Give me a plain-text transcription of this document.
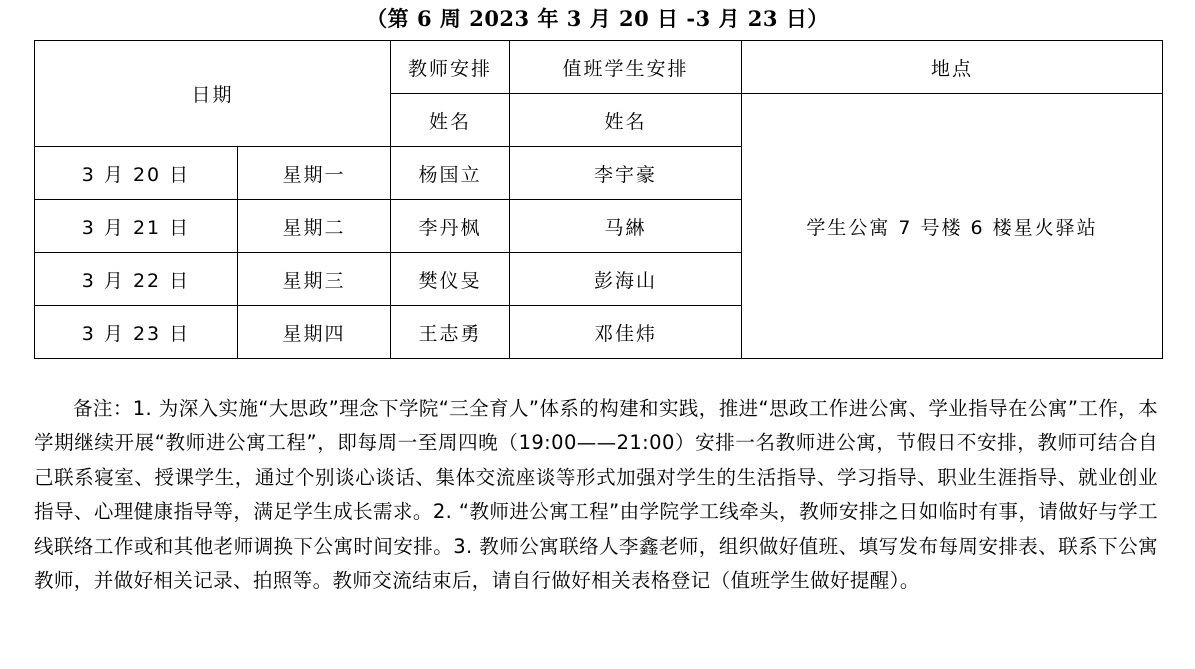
（第 6 周 2023 年 3 月 20 日 -3 月 23 日）
日期		教师安排	值班学生安排	地点
		姓名	姓名	学生公寓 7 号楼 6 楼星火驿站
3 月 20 日	星期一	杨国立	李宇豪	
3 月 21 日	星期二	李丹枫	马綝	
3 月 22 日	星期三	樊仪旻	彭海山	
3 月 23 日	星期四	王志勇	邓佳炜	

备注：1. 为深入实施“大思政”理念下学院“三全育人”体系的构建和实践，推进“思政工作进公寓、学业指导在公寓”工作，本学期继续开展“教师进公寓工程”，即每周一至周四晚（19:00——21:00）安排一名教师进公寓，节假日不安排，教师可结合自己联系寝室、授课学生，通过个别谈心谈话、集体交流座谈等形式加强对学生的生活指导、学习指导、职业生涯指导、就业创业指导、心理健康指导等，满足学生成长需求。2. “教师进公寓工程”由学院学工线牵头，教师安排之日如临时有事，请做好与学工线联络工作或和其他老师调换下公寓时间安排。3. 教师公寓联络人李鑫老师，组织做好值班、填写发布每周安排表、联系下公寓教师，并做好相关记录、拍照等。教师交流结束后，请自行做好相关表格登记（值班学生做好提醒）。
